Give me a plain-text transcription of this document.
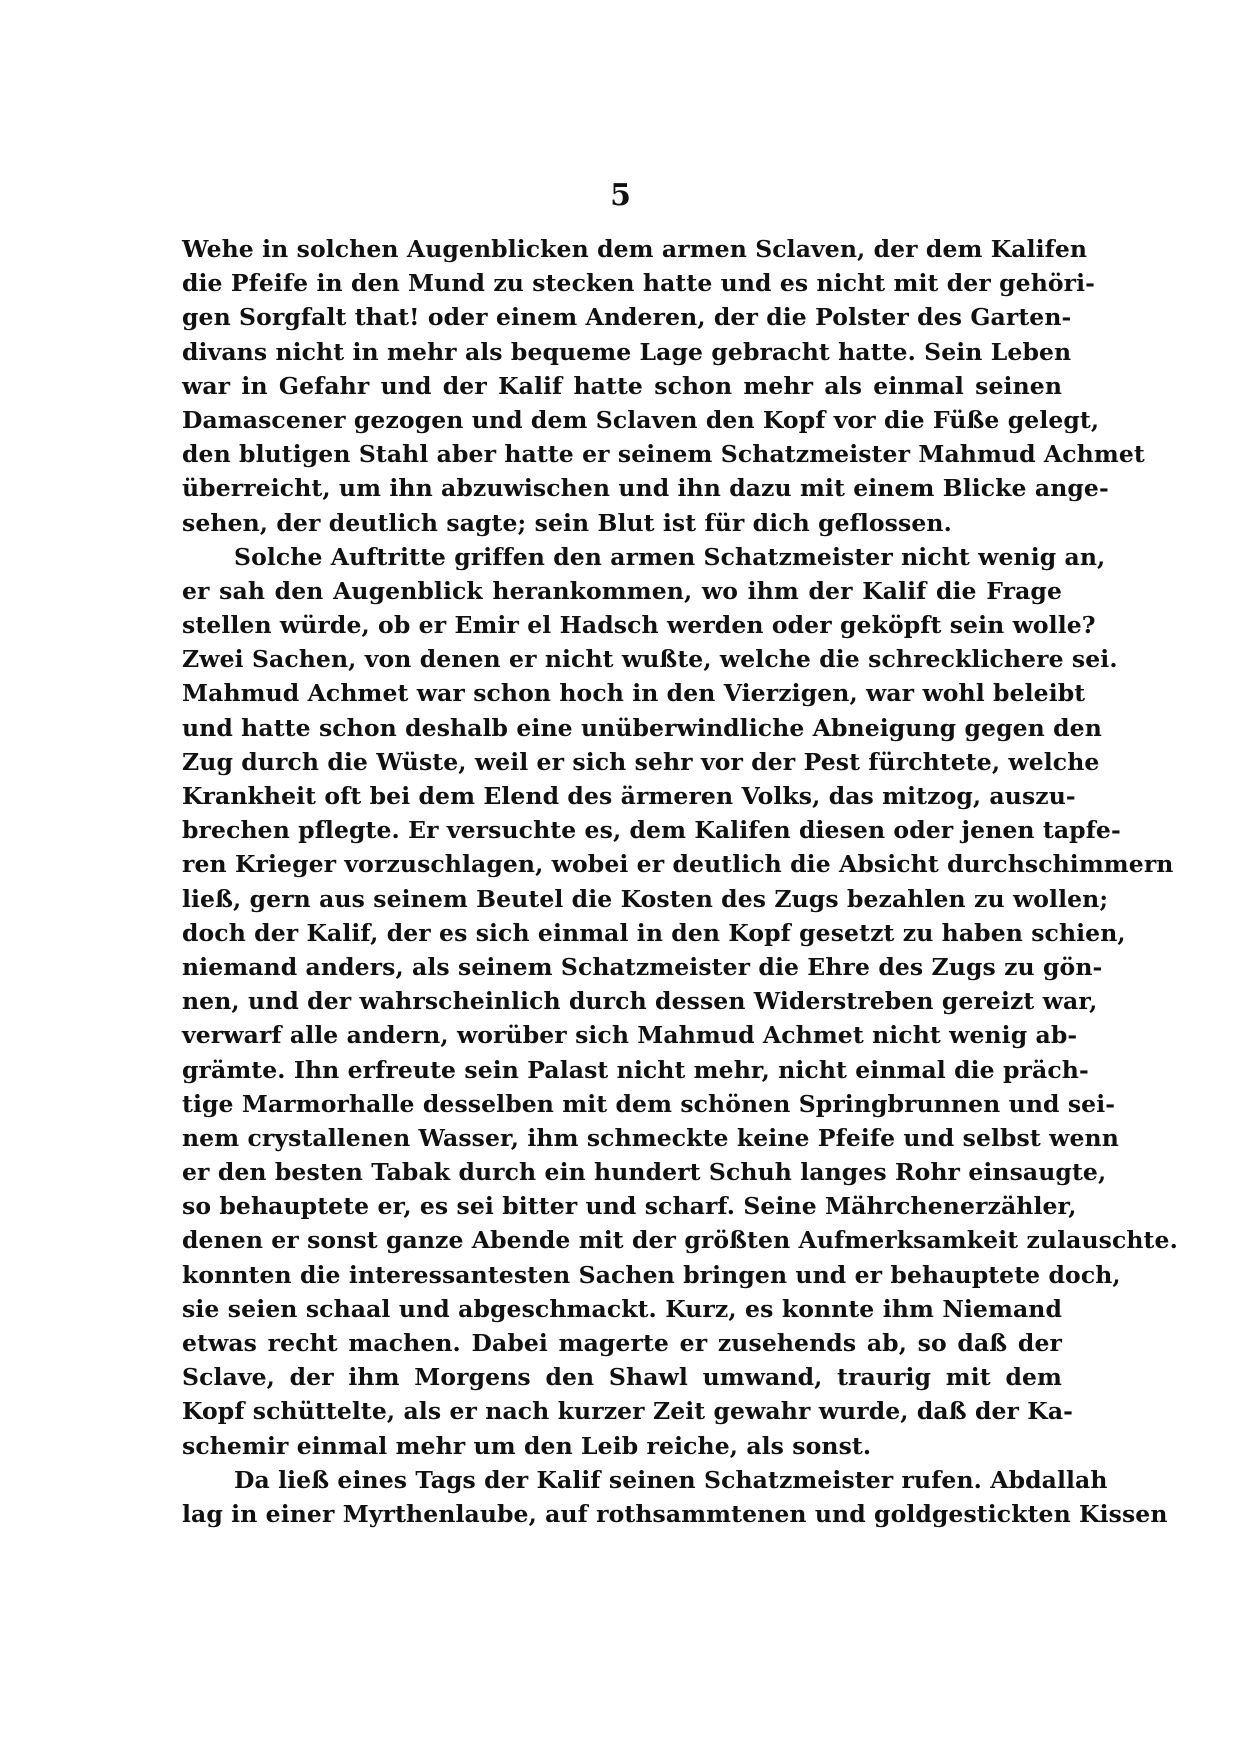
5
Wehe in solchen Augenblicken dem armen Sclaven, der dem Kalifen
die Pfeife in den Mund zu stecken hatte und es nicht mit der gehöri-
gen Sorgfalt that! oder einem Anderen, der die Polster des Garten-
divans nicht in mehr als bequeme Lage gebracht hatte. Sein Leben
war in Gefahr und der Kalif hatte schon mehr als einmal seinen
Damascener gezogen und dem Sclaven den Kopf vor die Füße gelegt,
den blutigen Stahl aber hatte er seinem Schatzmeister Mahmud Achmet
überreicht, um ihn abzuwischen und ihn dazu mit einem Blicke ange-
sehen, der deutlich sagte; sein Blut ist für dich geflossen.
Solche Auftritte griffen den armen Schatzmeister nicht wenig an,
er sah den Augenblick herankommen, wo ihm der Kalif die Frage
stellen würde, ob er Emir el Hadsch werden oder geköpft sein wolle?
Zwei Sachen, von denen er nicht wußte, welche die schrecklichere sei.
Mahmud Achmet war schon hoch in den Vierzigen, war wohl beleibt
und hatte schon deshalb eine unüberwindliche Abneigung gegen den
Zug durch die Wüste, weil er sich sehr vor der Pest fürchtete, welche
Krankheit oft bei dem Elend des ärmeren Volks, das mitzog, auszu-
brechen pflegte. Er versuchte es, dem Kalifen diesen oder jenen tapfe-
ren Krieger vorzuschlagen, wobei er deutlich die Absicht durchschimmern
ließ, gern aus seinem Beutel die Kosten des Zugs bezahlen zu wollen;
doch der Kalif, der es sich einmal in den Kopf gesetzt zu haben schien,
niemand anders, als seinem Schatzmeister die Ehre des Zugs zu gön-
nen, und der wahrscheinlich durch dessen Widerstreben gereizt war,
verwarf alle andern, worüber sich Mahmud Achmet nicht wenig ab-
grämte. Ihn erfreute sein Palast nicht mehr, nicht einmal die präch-
tige Marmorhalle desselben mit dem schönen Springbrunnen und sei-
nem crystallenen Wasser, ihm schmeckte keine Pfeife und selbst wenn
er den besten Tabak durch ein hundert Schuh langes Rohr einsaugte,
so behauptete er, es sei bitter und scharf. Seine Mährchenerzähler,
denen er sonst ganze Abende mit der größten Aufmerksamkeit zulauschte.
konnten die interessantesten Sachen bringen und er behauptete doch,
sie seien schaal und abgeschmackt. Kurz, es konnte ihm Niemand
etwas recht machen. Dabei magerte er zusehends ab, so daß der
Sclave, der ihm Morgens den Shawl umwand, traurig mit dem
Kopf schüttelte, als er nach kurzer Zeit gewahr wurde, daß der Ka-
schemir einmal mehr um den Leib reiche, als sonst.
Da ließ eines Tags der Kalif seinen Schatzmeister rufen. Abdallah
lag in einer Myrthenlaube, auf rothsammtenen und goldgestickten Kissen
